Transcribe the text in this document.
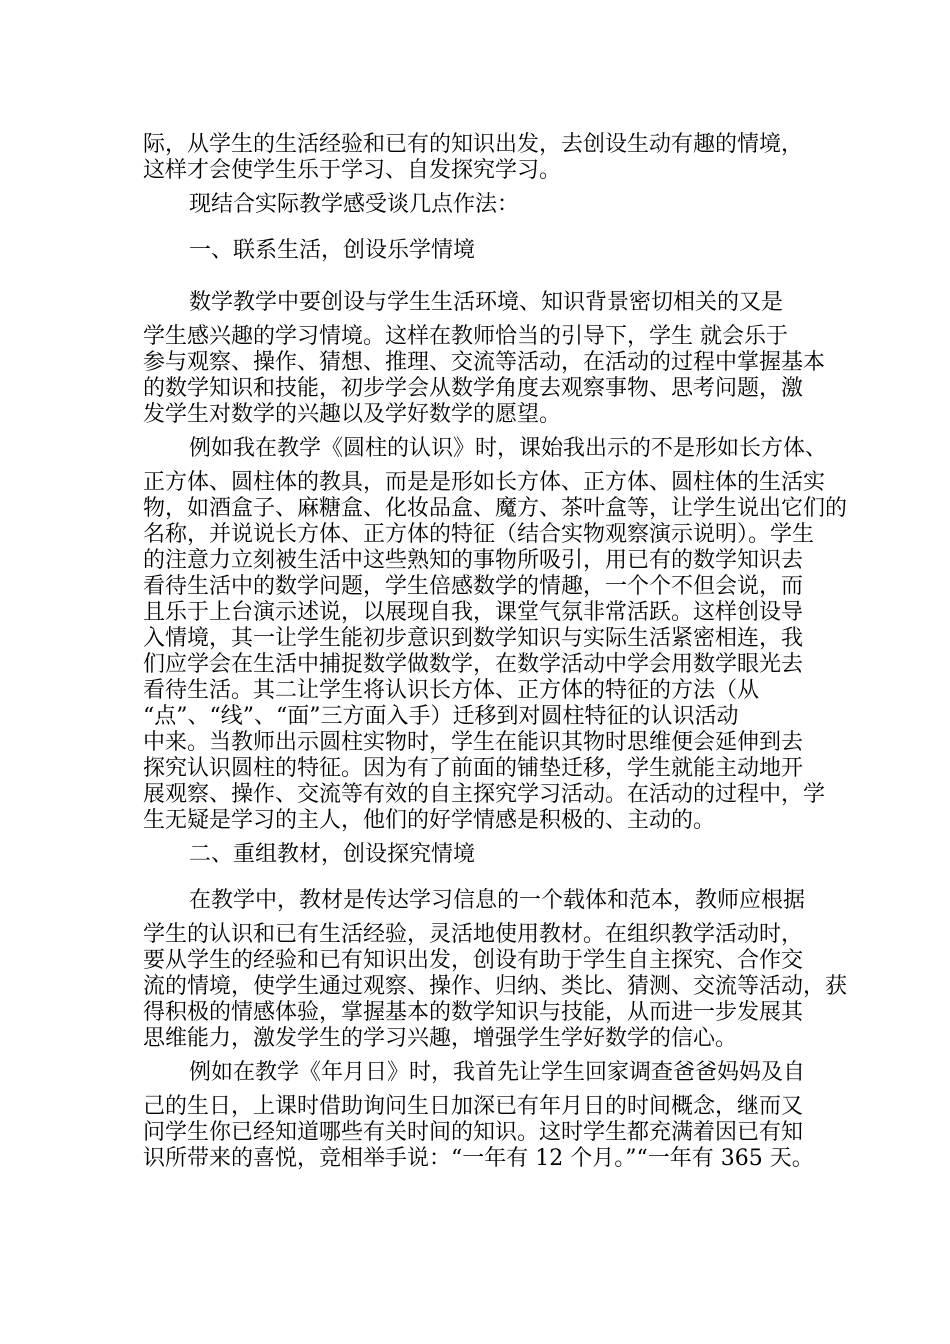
际，从学生的生活经验和已有的知识出发，去创设生动有趣的情境，

这样才会使学生乐于学习、自发探究学习。

现结合实际教学感受谈几点作法：

一、联系生活，创设乐学情境

数学教学中要创设与学生生活环境、知识背景密切相关的又是

学生感兴趣的学习情境。这样在教师恰当的引导下，学生 就会乐于

参与观察、操作、猜想、推理、交流等活动，在活动的过程中掌握基本

的数学知识和技能，初步学会从数学角度去观察事物、思考问题，激

发学生对数学的兴趣以及学好数学的愿望。

例如我在教学《圆柱的认识》时，课始我出示的不是形如长方体、

正方体、圆柱体的教具，而是是形如长方体、正方体、圆柱体的生活实

物，如酒盒子、麻糖盒、化妆品盒、魔方、茶叶盒等，让学生说出它们的

名称，并说说长方体、正方体的特征（结合实物观察演示说明）。学生

的注意力立刻被生活中这些熟知的事物所吸引，用已有的数学知识去

看待生活中的数学问题，学生倍感数学的情趣，一个个不但会说，而

且乐于上台演示述说，以展现自我，课堂气氛非常活跃。这样创设导

入情境，其一让学生能初步意识到数学知识与实际生活紧密相连，我

们应学会在生活中捕捉数学做数学，在数学活动中学会用数学眼光去

看待生活。其二让学生将认识长方体、正方体的特征的方法（从

“点”、“线”、“面”三方面入手）迁移到对圆柱特征的认识活动

中来。当教师出示圆柱实物时，学生在能识其物时思维便会延伸到去

探究认识圆柱的特征。因为有了前面的铺垫迁移，学生就能主动地开

展观察、操作、交流等有效的自主探究学习活动。在活动的过程中，学

生无疑是学习的主人，他们的好学情感是积极的、主动的。

二、重组教材，创设探究情境

在教学中，教材是传达学习信息的一个载体和范本，教师应根据

学生的认识和已有生活经验，灵活地使用教材。在组织教学活动时，

要从学生的经验和已有知识出发，创设有助于学生自主探究、合作交

流的情境，使学生通过观察、操作、归纳、类比、猜测、交流等活动，获

得积极的情感体验，掌握基本的数学知识与技能，从而进一步发展其

思维能力，激发学生的学习兴趣，增强学生学好数学的信心。

例如在教学《年月日》时，我首先让学生回家调查爸爸妈妈及自

己的生日，上课时借助询问生日加深已有年月日的时间概念，继而又

问学生你已经知道哪些有关时间的知识。这时学生都充满着因已有知

识所带来的喜悦，竞相举手说：“一年有 12 个月。”“一年有 365 天。
